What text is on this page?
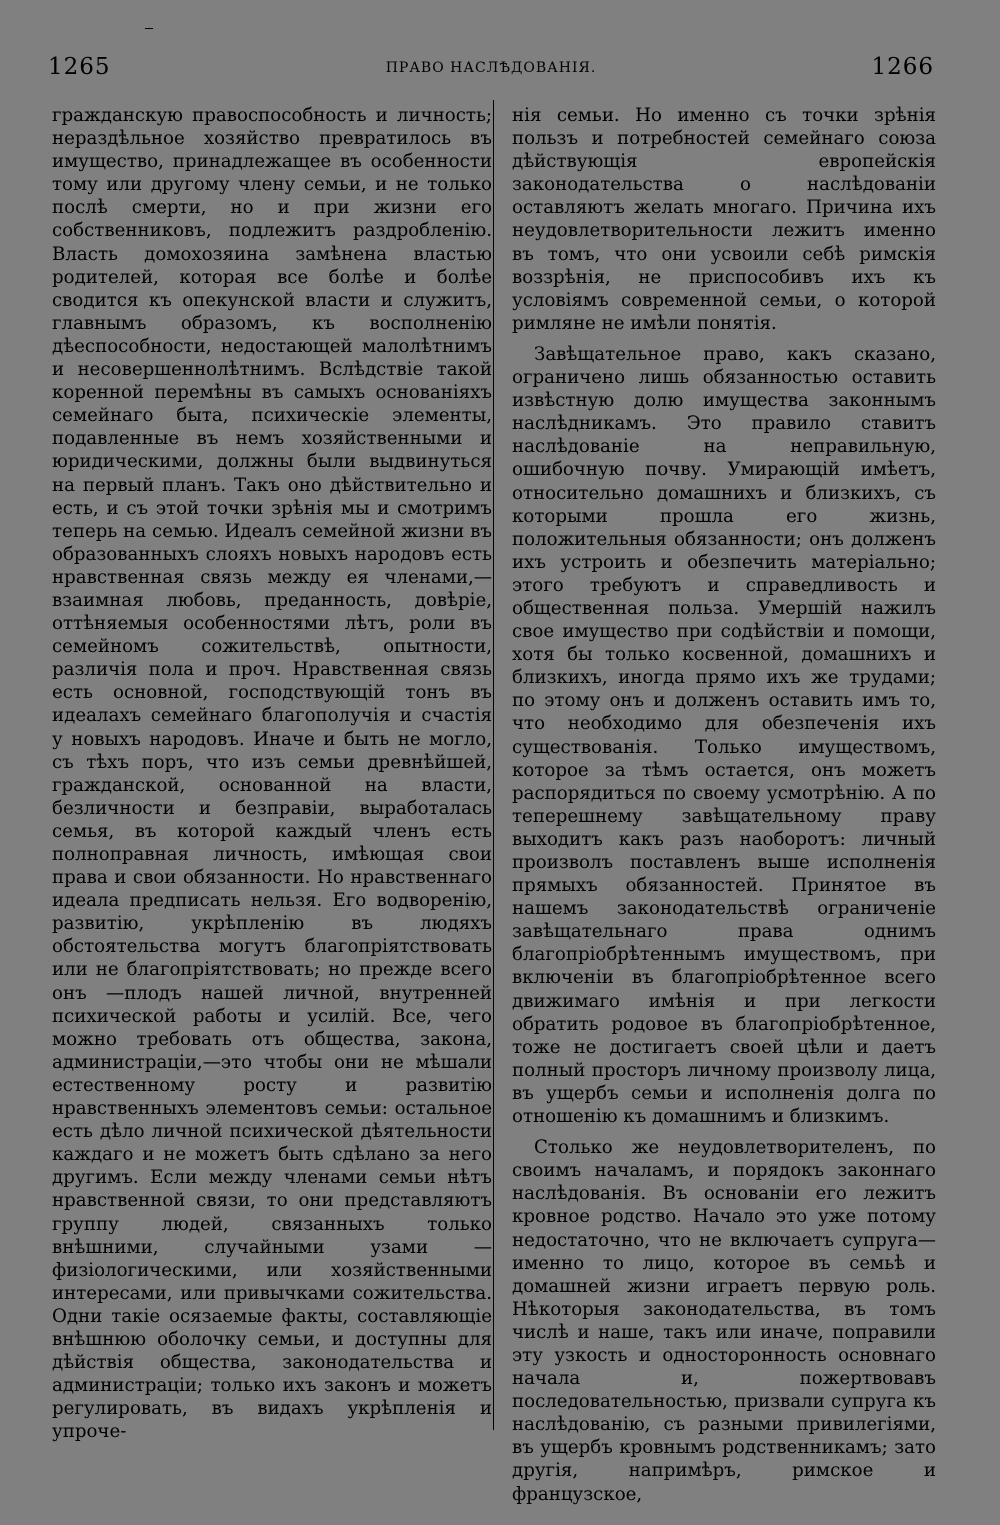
1265	ПРАВО НАСЛѢДОВАНІЯ.	1266

гражданскую правоспособность и личность; нераздѣльное хозяйство превратилось въ имущество, принадлежащее въ особенности тому или другому члену семьи, и не только послѣ смерти, но и при жизни его собственниковъ, подлежитъ раздробленію. Власть домохозяина замѣнена властью родителей, которая все болѣе и болѣе сводится къ опекунской власти и служитъ, главнымъ образомъ, къ восполненію дѣеспособности, недостающей малолѣтнимъ и несовершеннолѣтнимъ. Вслѣдствіе такой коренной перемѣны въ самыхъ основаніяхъ семейнаго быта, психическіе элементы, подавленные въ немъ хозяйственными и юридическими, должны были выдвинуться на первый планъ. Такъ оно дѣйствительно и есть, и съ этой точки зрѣнія мы и смотримъ теперь на семью. Идеалъ семейной жизни въ образованныхъ слояхъ новыхъ народовъ есть нравственная связь между ея членами,—взаимная любовь, преданность, довѣріе, оттѣняемыя особенностями лѣтъ, роли въ семейномъ сожительствѣ, опытности, различія пола и проч. Нравственная связь есть основной, господствующій тонъ въ идеалахъ семейнаго благополучія и счастія у новыхъ народовъ. Иначе и быть не могло, съ тѣхъ поръ, что изъ семьи древнѣйшей, гражданской, основанной на власти, безличности и безправіи, выработалась семья, въ которой каждый членъ есть полноправная личность, имѣющая свои права и свои обязанности. Но нравственнаго идеала предписать нельзя. Его водворенію, развитію, укрѣпленію въ людяхъ обстоятельства могутъ благопріятствовать или не благопріятствовать; но прежде всего онъ —плодъ нашей личной, внутренней психической работы и усилій. Все, чего можно требовать отъ общества, закона, администраціи,—это чтобы они не мѣшали естественному росту и развитію нравственныхъ элементовъ семьи: остальное есть дѣло личной психической дѣятельности каждаго и не можетъ быть сдѣлано за него другимъ. Если между членами семьи нѣтъ нравственной связи, то они представляютъ группу людей, связанныхъ только внѣшними, случайными узами —физіологическими, или хозяйственными интересами, или привычками сожительства. Одни такіе осязаемые факты, составляющіе внѣшнюю оболочку семьи, и доступны для дѣйствія общества, законодательства и администраціи; только ихъ законъ и можетъ регулировать, въ видахъ укрѣпленія и упроче-

нія семьи. Но именно съ точки зрѣнія пользъ и потребностей семейнаго союза дѣйствующія европейскія законодательства о наслѣдованіи оставляютъ желать многаго. Причина ихъ неудовлетворительности лежитъ именно въ томъ, что они усвоили себѣ римскія воззрѣнія, не приспособивъ ихъ къ условіямъ современной семьи, о которой римляне не имѣли понятія.

Завѣщательное право, какъ сказано, ограничено лишь обязанностью оставить извѣстную долю имущества законнымъ наслѣдникамъ. Это правило ставитъ наслѣдованіе на неправильную, ошибочную почву. Умирающій имѣетъ, относительно домашнихъ и близкихъ, съ которыми прошла его жизнь, положительныя обязанности; онъ долженъ ихъ устроить и обезпечить матеріально; этого требуютъ и справедливость и общественная польза. Умершій нажилъ свое имущество при содѣйствіи и помощи, хотя бы только косвенной, домашнихъ и близкихъ, иногда прямо ихъ же трудами; по этому онъ и долженъ оставить имъ то, что необходимо для обезпеченія ихъ существованія. Только имуществомъ, которое за тѣмъ остается, онъ можетъ распорядиться по своему усмотрѣнію. А по теперешнему завѣщательному праву выходитъ какъ разъ наоборотъ: личный произволъ поставленъ выше исполненія прямыхъ обязанностей. Принятое въ нашемъ законодательствѣ ограниченіе завѣщательнаго права однимъ благопріобрѣтеннымъ имуществомъ, при включеніи въ благопріобрѣтенное всего движимаго имѣнія и при легкости обратить родовое въ благопріобрѣтенное, тоже не достигаетъ своей цѣли и даетъ полный просторъ личному произволу лица, въ ущербъ семьи и исполненія долга по отношенію къ домашнимъ и близкимъ.

Столько же неудовлетворителенъ, по своимъ началамъ, и порядокъ законнаго наслѣдованія. Въ основаніи его лежитъ кровное родство. Начало это уже потому недостаточно, что не включаетъ супруга—именно то лицо, которое въ семьѣ и домашней жизни играетъ первую роль. Нѣкоторыя законодательства, въ томъ числѣ и наше, такъ или иначе, поправили эту узкость и односторонность основнаго начала и, пожертвовавъ последовательностью, призвали супруга къ наслѣдованію, съ разными привилегіями, въ ущербъ кровнымъ родственникамъ; зато другія, напримѣръ, римское и французское,
